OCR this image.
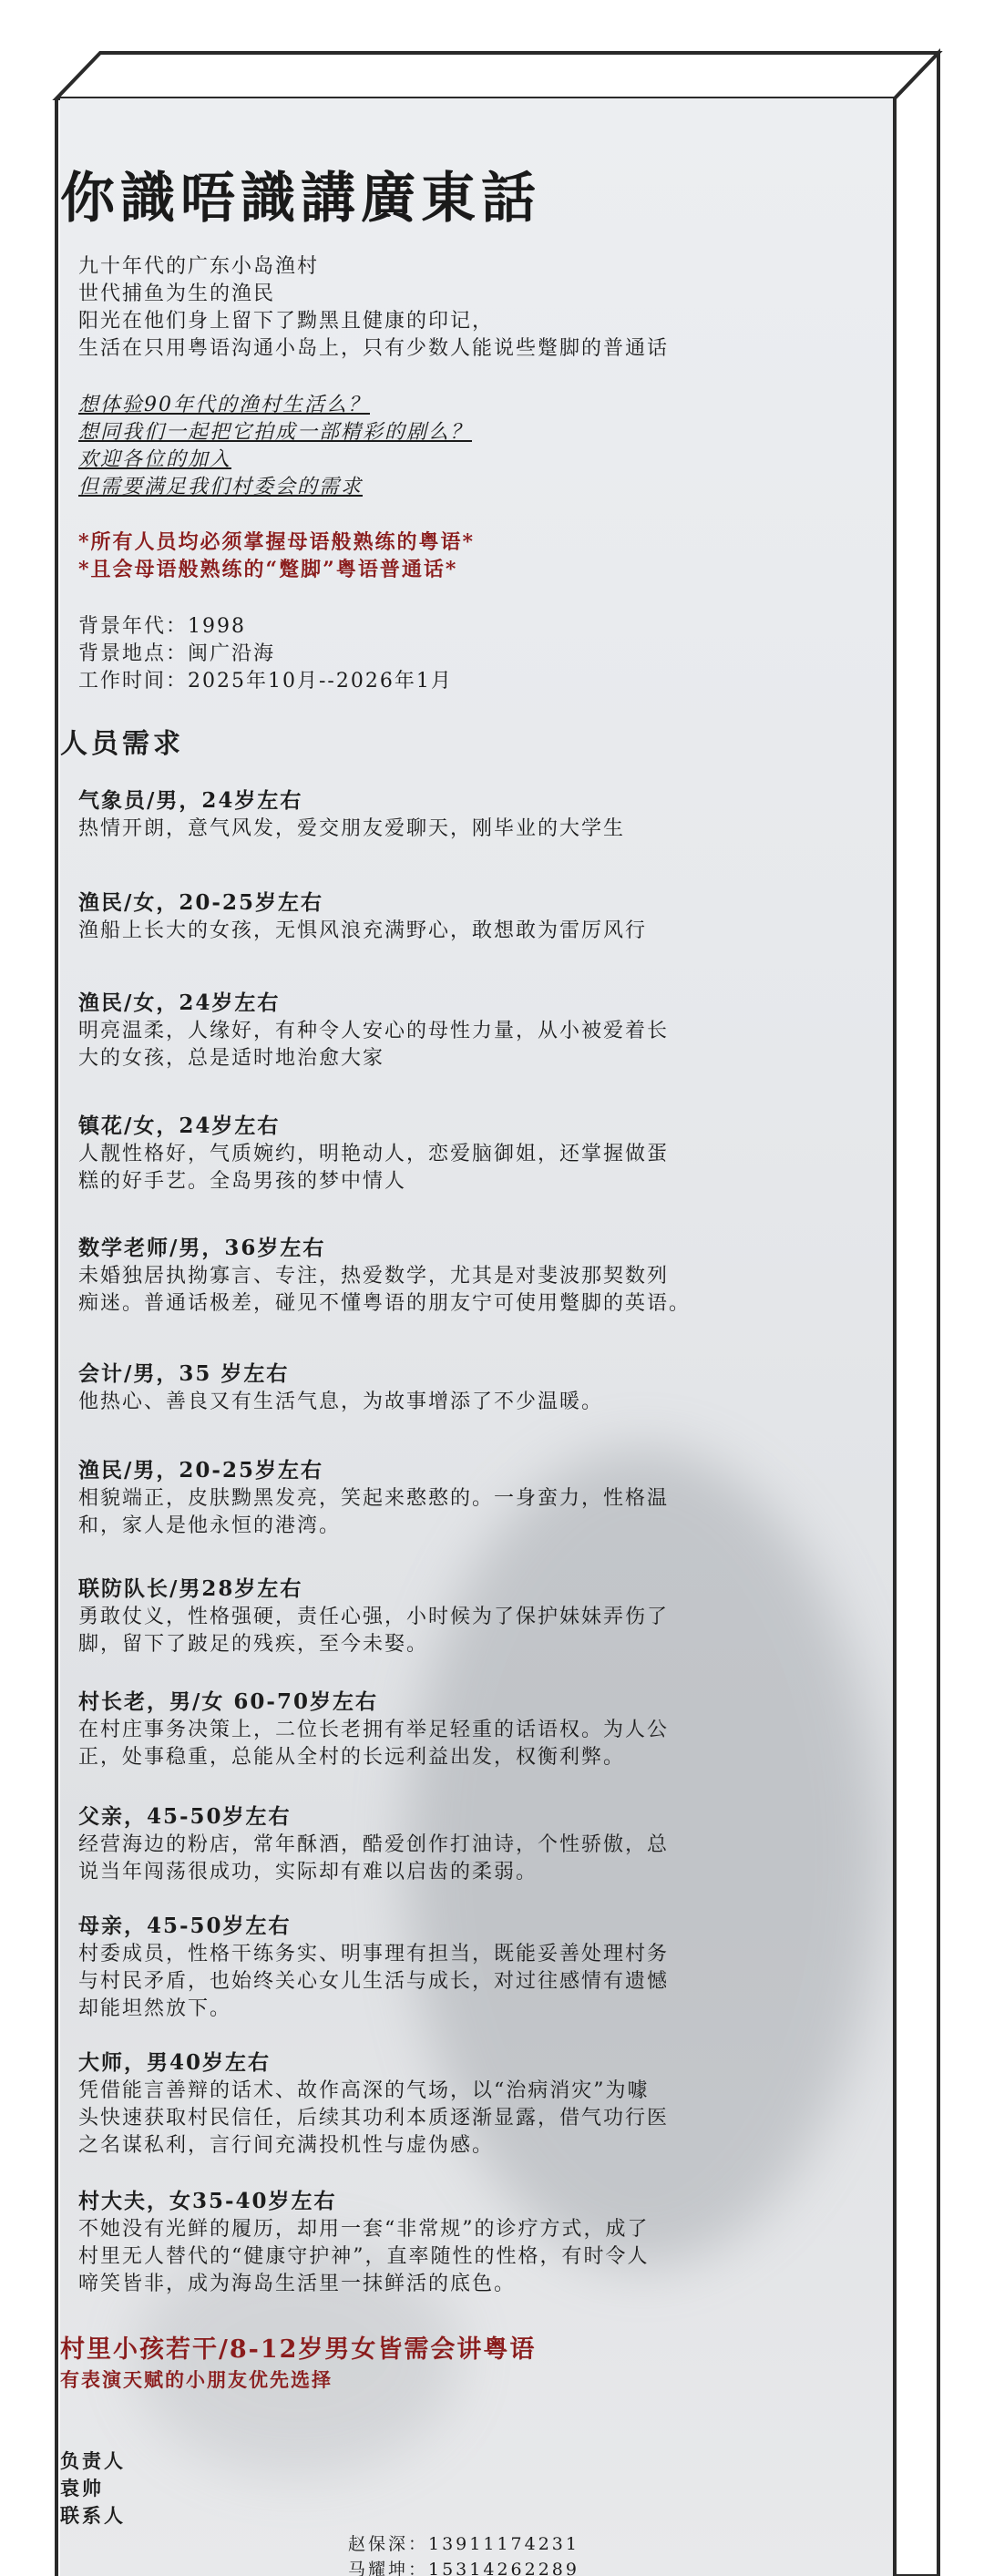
你識唔識講廣東話
九十年代的广东小岛渔村
世代捕鱼为生的渔民
阳光在他们身上留下了黝黑且健康的印记，
生活在只用粤语沟通小岛上，只有少数人能说些蹩脚的普通话
想体验90年代的渔村生活么？
想同我们一起把它拍成一部精彩的剧么？
欢迎各位的加入
但需要满足我们村委会的需求
*所有人员均必须掌握母语般熟练的粤语*
*且会母语般熟练的“蹩脚”粤语普通话*
背景年代：1998
背景地点：闽广沿海
工作时间：2025年10月--2026年1月
人员需求
气象员/男，24岁左右
热情开朗，意气风发，爱交朋友爱聊天，刚毕业的大学生
渔民/女，20-25岁左右
渔船上长大的女孩，无惧风浪充满野心，敢想敢为雷厉风行
渔民/女，24岁左右
明亮温柔，人缘好，有种令人安心的母性力量，从小被爱着长
大的女孩，总是适时地治愈大家
镇花/女，24岁左右
人靓性格好，气质婉约，明艳动人，恋爱脑御姐，还掌握做蛋
糕的好手艺。全岛男孩的梦中情人
数学老师/男，36岁左右
未婚独居执拗寡言、专注，热爱数学，尤其是对斐波那契数列
痴迷。普通话极差，碰见不懂粤语的朋友宁可使用蹩脚的英语。
会计/男，35 岁左右
他热心、善良又有生活气息，为故事增添了不少温暖。
渔民/男，20-25岁左右
相貌端正，皮肤黝黑发亮，笑起来憨憨的。一身蛮力，性格温
和，家人是他永恒的港湾。
联防队长/男28岁左右
勇敢仗义，性格强硬，责任心强，小时候为了保护妹妹弄伤了
脚，留下了跛足的残疾，至今未娶。
村长老，男/女 60-70岁左右
在村庄事务决策上，二位长老拥有举足轻重的话语权。为人公
正，处事稳重，总能从全村的长远利益出发，权衡利弊。
父亲，45-50岁左右
经营海边的粉店，常年酥酒，酷爱创作打油诗，个性骄傲，总
说当年闯荡很成功，实际却有难以启齿的柔弱。
母亲，45-50岁左右
村委成员，性格干练务实、明事理有担当，既能妥善处理村务
与村民矛盾，也始终关心女儿生活与成长，对过往感情有遗憾
却能坦然放下。
大师，男40岁左右
凭借能言善辩的话术、故作高深的气场，以“治病消灾”为噱
头快速获取村民信任，后续其功利本质逐渐显露，借气功行医
之名谋私利，言行间充满投机性与虚伪感。
村大夫，女35-40岁左右
不她没有光鲜的履历，却用一套“非常规”的诊疗方式，成了
村里无人替代的“健康守护神”，直率随性的性格，有时令人
啼笑皆非，成为海岛生活里一抹鲜活的底色。
村里小孩若干/8-12岁男女皆需会讲粤语
有表演天赋的小朋友优先选择
负责人
袁帅
联系人
赵保深：13911174231
马耀坤：15314262289
